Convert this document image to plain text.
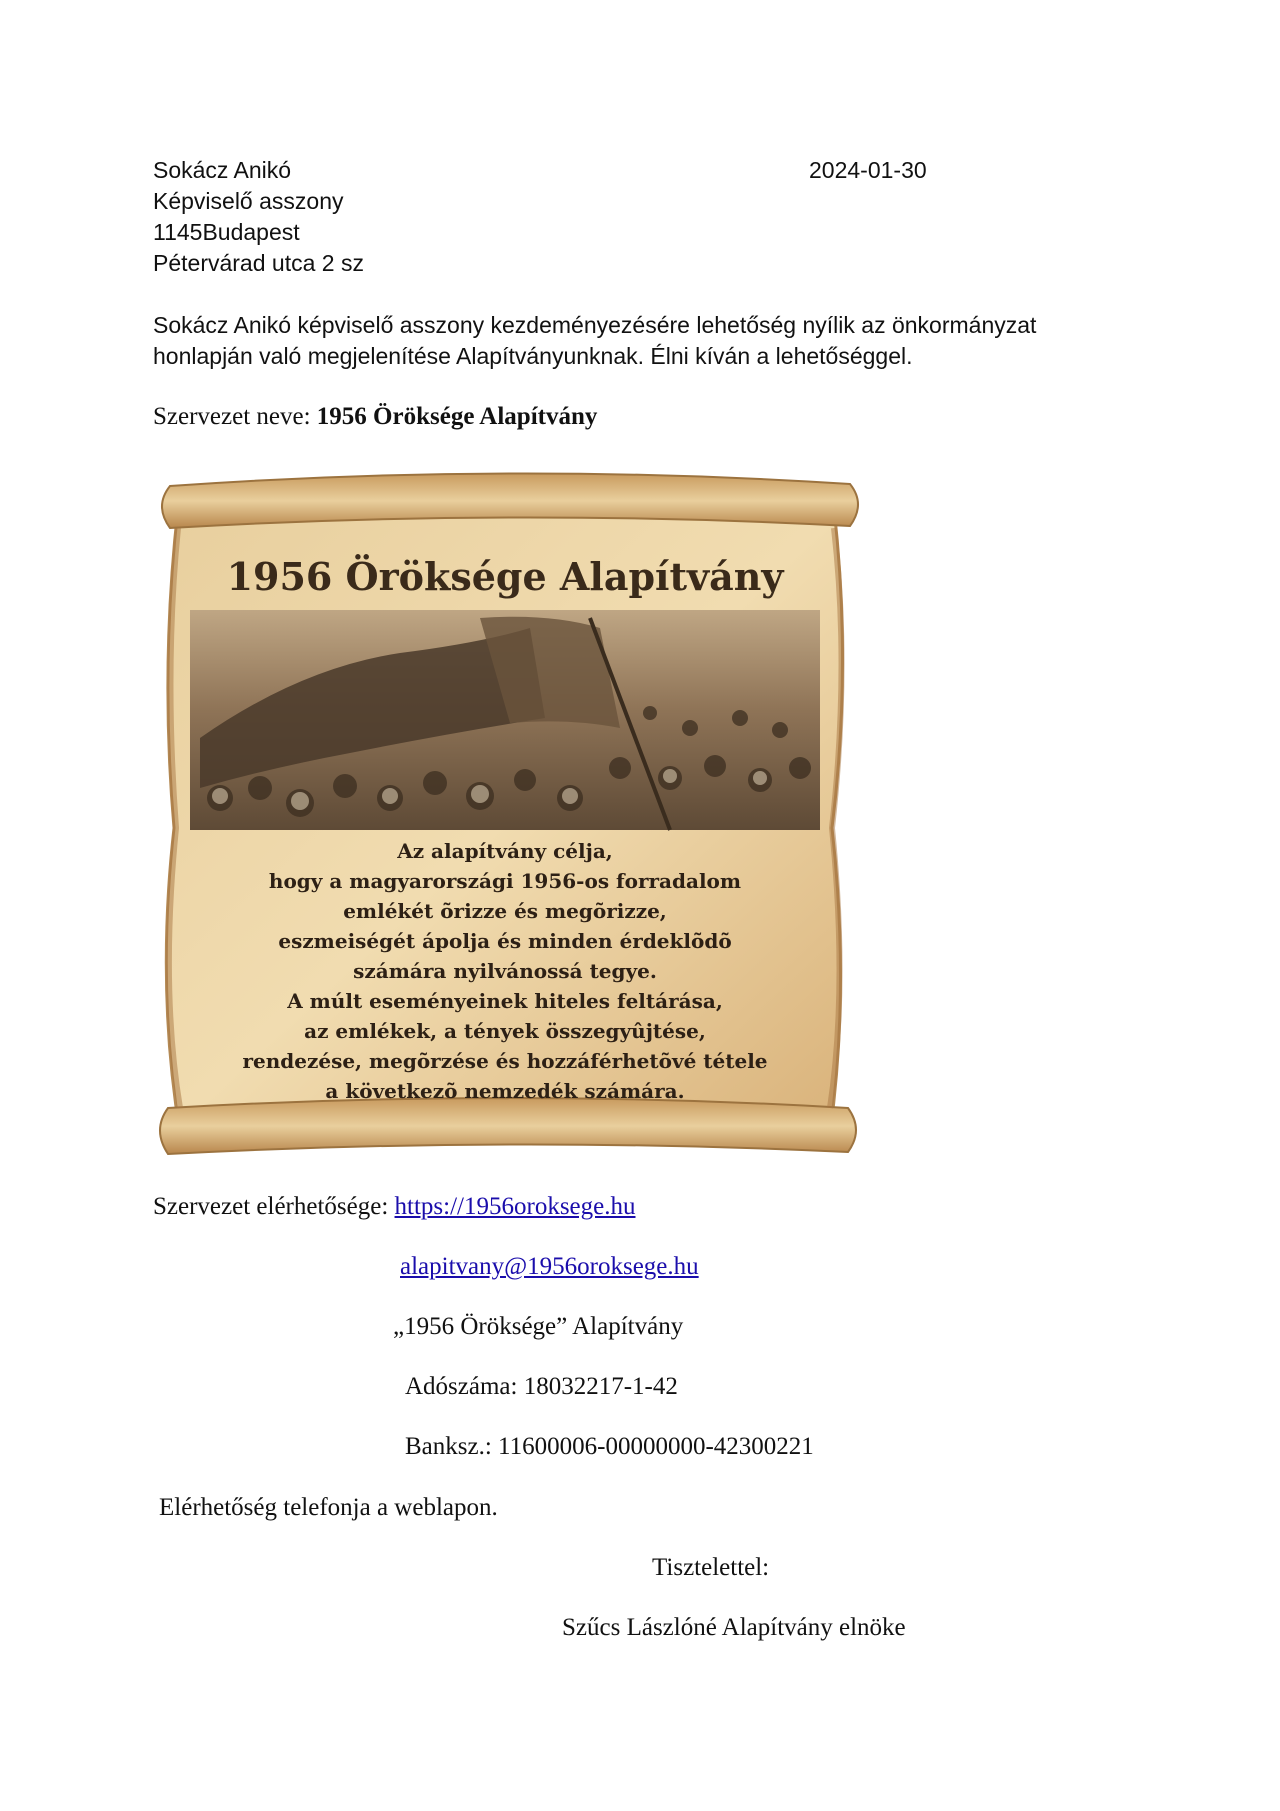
Sokácz Anikó
Képviselő asszony
1145Budapest
Pétervárad utca 2 sz
2024-01-30
Sokácz Anikó képviselő asszony kezdeményezésére lehetőség nyílik az önkormányzat
honlapján való megjelenítése Alapítványunknak. Élni kíván a lehetőséggel.
Szervezet neve: 1956 Öröksége Alapítvány
1956 Öröksége Alapítvány
Az alapítvány célja,
hogy a magyarországi 1956-os forradalom
emlékét õrizze és megõrizze,
eszmeiségét ápolja és minden érdeklõdõ
számára nyilvánossá tegye.
A múlt eseményeinek hiteles feltárása,
az emlékek, a tények összegyûjtése,
rendezése, megõrzése és hozzáférhetõvé tétele
a következõ nemzedék számára.
Szervezet elérhetősége: https://1956oroksege.hu
alapitvany@1956oroksege.hu
„1956 Öröksége” Alapítvány
Adószáma: 18032217-1-42
Banksz.: 11600006-00000000-42300221
Elérhetőség telefonja a weblapon.
Tisztelettel:
Szűcs Lászlóné Alapítvány elnöke
